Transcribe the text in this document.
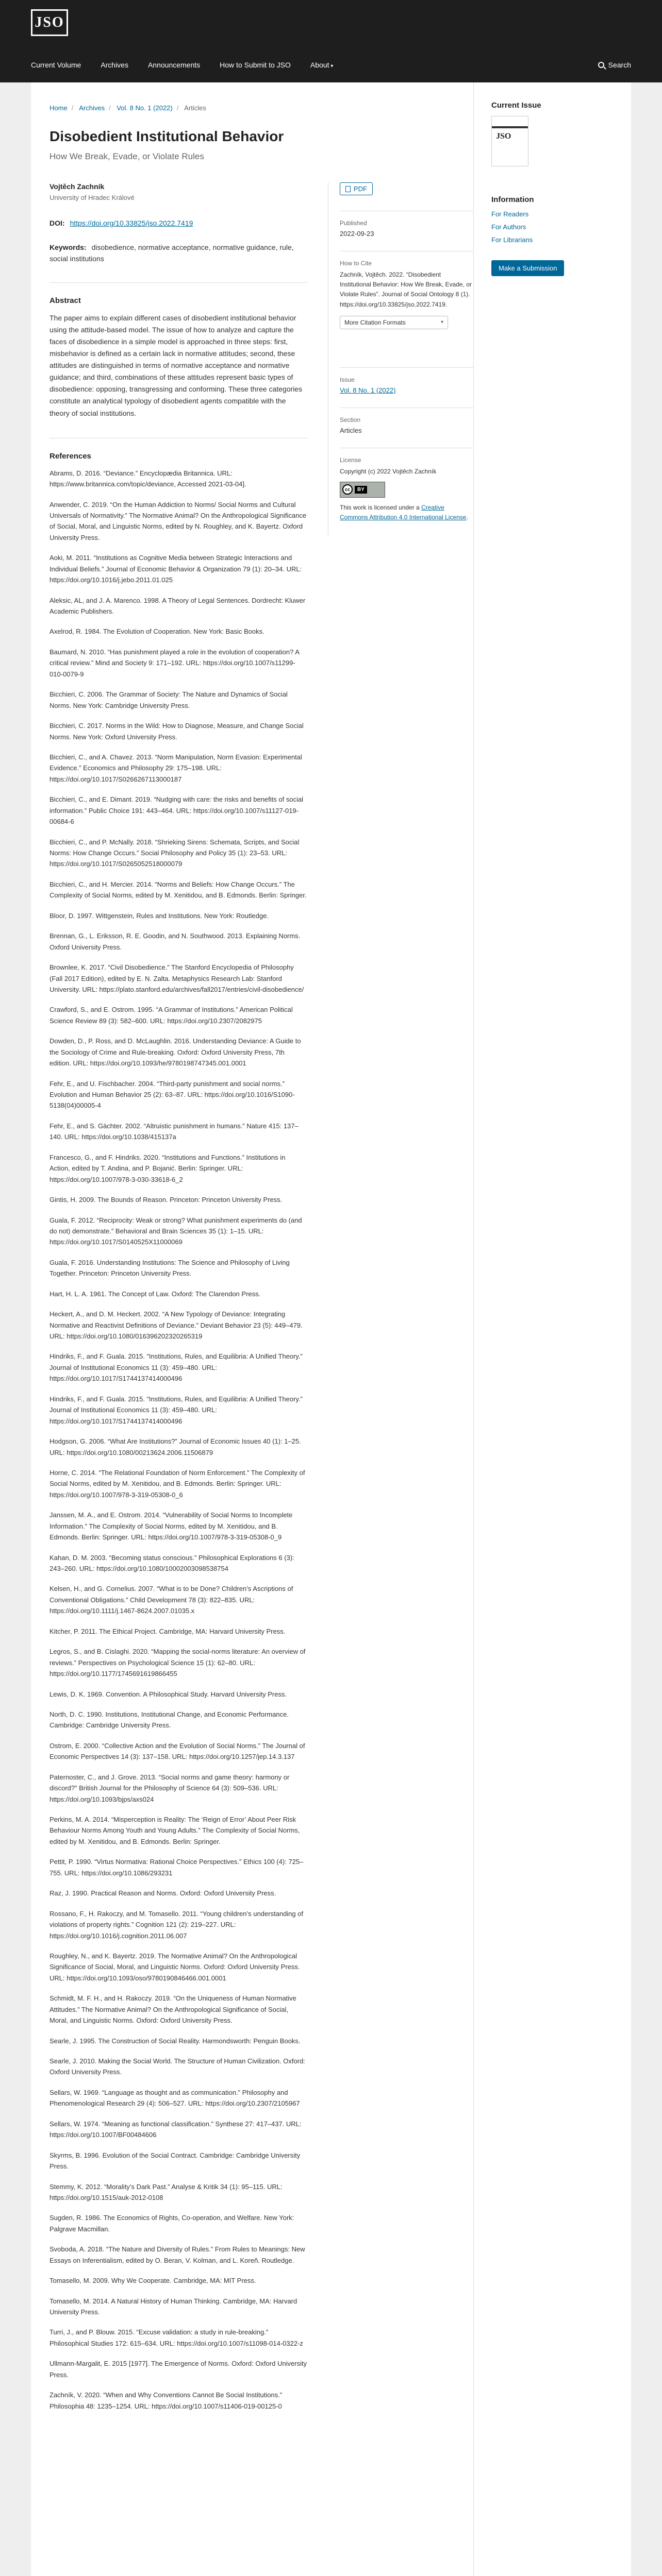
JSO
Current Volume	Archives	Announcements	How to Submit to JSO	About ▾	Search
Home / Archives / Vol. 8 No. 1 (2022) / Articles
Disobedient Institutional Behavior
How We Break, Evade, or Violate Rules
Vojtěch Zachník
University of Hradec Králové
DOI: https://doi.org/10.33825/jso.2022.7419
Keywords: disobedience, normative acceptance, normative guidance, rule, social institutions
Abstract

The paper aims to explain different cases of disobedient institutional behavior using the attitude-based model. The issue of how to analyze and capture the faces of disobedience in a simple model is approached in three steps: first, misbehavior is defined as a certain lack in normative attitudes; second, these attitudes are distinguished in terms of normative acceptance and normative guidance; and third, combinations of these attitudes represent basic types of disobedience: opposing, transgressing and conforming. These three categories constitute an analytical typology of disobedient agents compatible with the theory of social institutions.

References

Abrams, D. 2016. “Deviance.” Encyclopædia Britannica. URL: https://www.britannica.com/topic/deviance, Accessed 2021-03-04].

Anwender, C. 2019. “On the Human Addiction to Norms/ Social Norms and Cultural Universals of Normativity.” The Normative Animal? On the Anthropological Significance of Social, Moral, and Linguistic Norms, edited by N. Roughley, and K. Bayertz. Oxford University Press.

Aoki, M. 2011. “Institutions as Cognitive Media between Strategic Interactions and Individual Beliefs.” Journal of Economic Behavior & Organization 79 (1): 20–34. URL: https://doi.org/10.1016/j.jebo.2011.01.025

Aleksic, AL, and J. A. Marenco. 1998. A Theory of Legal Sentences. Dordrecht: Kluwer Academic Publishers.

Axelrod, R. 1984. The Evolution of Cooperation. New York: Basic Books.

Baumard, N. 2010. “Has punishment played a role in the evolution of cooperation? A critical review.” Mind and Society 9: 171–192. URL: https://doi.org/10.1007/s11299-010-0079-9

Bicchieri, C. 2006. The Grammar of Society: The Nature and Dynamics of Social Norms. New York: Cambridge University Press.

Bicchieri, C. 2017. Norms in the Wild: How to Diagnose, Measure, and Change Social Norms. New York: Oxford University Press.

Bicchieri, C., and A. Chavez. 2013. “Norm Manipulation, Norm Evasion: Experimental Evidence.” Economics and Philosophy 29: 175–198. URL: https://doi.org/10.1017/S0266267113000187

Bicchieri, C., and E. Dimant. 2019. “Nudging with care: the risks and benefits of social information.” Public Choice 191: 443–464. URL: https://doi.org/10.1007/s11127-019-00684-6

Bicchieri, C., and P. McNally. 2018. “Shrieking Sirens: Schemata, Scripts, and Social Norms: How Change Occurs.” Social Philosophy and Policy 35 (1): 23–53. URL: https://doi.org/10.1017/S0265052518000079

Bicchieri, C., and H. Mercier. 2014. “Norms and Beliefs: How Change Occurs.” The Complexity of Social Norms, edited by M. Xenitidou, and B. Edmonds. Berlin: Springer.

Bloor, D. 1997. Wittgenstein, Rules and Institutions. New York: Routledge.

Brennan, G., L. Eriksson, R. E. Goodin, and N. Southwood. 2013. Explaining Norms. Oxford University Press.

Brownlee, K. 2017. “Civil Disobedience.” The Stanford Encyclopedia of Philosophy (Fall 2017 Edition), edited by E. N. Zalta. Metaphysics Research Lab: Stanford University. URL: https://plato.stanford.edu/archives/fall2017/entries/civil-disobedience/

Crawford, S., and E. Ostrom. 1995. “A Grammar of Institutions.” American Political Science Review 89 (3): 582–600. URL: https://doi.org/10.2307/2082975

Dowden, D., P. Ross, and D. McLaughlin. 2016. Understanding Deviance: A Guide to the Sociology of Crime and Rule-breaking. Oxford: Oxford University Press, 7th edition. URL: https://doi.org/10.1093/he/9780198747345.001.0001

Fehr, E., and U. Fischbacher. 2004. “Third-party punishment and social norms.” Evolution and Human Behavior 25 (2): 63–87. URL: https://doi.org/10.1016/S1090-5138(04)00005-4

Fehr, E., and S. Gächter. 2002. “Altruistic punishment in humans.” Nature 415: 137–140. URL: https://doi.org/10.1038/415137a

Francesco, G., and F. Hindriks. 2020. “Institutions and Functions.” Institutions in Action, edited by T. Andina, and P. Bojanić. Berlin: Springer. URL: https://doi.org/10.1007/978-3-030-33618-6_2

Gintis, H. 2009. The Bounds of Reason. Princeton: Princeton University Press.

Guala, F. 2012. “Reciprocity: Weak or strong? What punishment experiments do (and do not) demonstrate.” Behavioral and Brain Sciences 35 (1): 1–15. URL: https://doi.org/10.1017/S0140525X11000069

Guala, F. 2016. Understanding Institutions: The Science and Philosophy of Living Together. Princeton: Princeton University Press.

Hart, H. L. A. 1961. The Concept of Law. Oxford: The Clarendon Press.

Heckert, A., and D. M. Heckert. 2002. “A New Typology of Deviance: Integrating Normative and Reactivist Definitions of Deviance.” Deviant Behavior 23 (5): 449–479. URL: https://doi.org/10.1080/016396202320265319

Hindriks, F., and F. Guala. 2015. “Institutions, Rules, and Equilibria: A Unified Theory.” Journal of Institutional Economics 11 (3): 459–480. URL: https://doi.org/10.1017/S1744137414000496

Hindriks, F., and F. Guala. 2015. “Institutions, Rules, and Equilibria: A Unified Theory.” Journal of Institutional Economics 11 (3): 459–480. URL: https://doi.org/10.1017/S1744137414000496

Hodgson, G. 2006. “What Are Institutions?” Journal of Economic Issues 40 (1): 1–25. URL: https://doi.org/10.1080/00213624.2006.11506879

Horne, C. 2014. “The Relational Foundation of Norm Enforcement.” The Complexity of Social Norms, edited by M. Xenitidou, and B. Edmonds. Berlin: Springer. URL: https://doi.org/10.1007/978-3-319-05308-0_6

Janssen, M. A., and E. Ostrom. 2014. “Vulnerability of Social Norms to Incomplete Information.” The Complexity of Social Norms, edited by M. Xenitidou, and B. Edmonds. Berlin: Springer. URL: https://doi.org/10.1007/978-3-319-05308-0_9

Kahan, D. M. 2003. “Becoming status conscious.” Philosophical Explorations 6 (3): 243–260. URL: https://doi.org/10.1080/10002003098538754

Kelsen, H., and G. Cornelius. 2007. “What is to be Done? Children’s Ascriptions of Conventional Obligations.” Child Development 78 (3): 822–835. URL: https://doi.org/10.1111/j.1467-8624.2007.01035.x

Kitcher, P. 2011. The Ethical Project. Cambridge, MA: Harvard University Press.

Legros, S., and B. Cislaghi. 2020. “Mapping the social-norms literature: An overview of reviews.” Perspectives on Psychological Science 15 (1): 62–80. URL: https://doi.org/10.1177/1745691619866455

Lewis, D. K. 1969. Convention. A Philosophical Study. Harvard University Press.

North, D. C. 1990. Institutions, Institutional Change, and Economic Performance. Cambridge: Cambridge University Press.

Ostrom, E. 2000. “Collective Action and the Evolution of Social Norms.” The Journal of Economic Perspectives 14 (3): 137–158. URL: https://doi.org/10.1257/jep.14.3.137

Paternoster, C., and J. Grove. 2013. “Social norms and game theory: harmony or discord?” British Journal for the Philosophy of Science 64 (3): 509–536. URL: https://doi.org/10.1093/bjps/axs024

Perkins, M. A. 2014. “Misperception is Reality: The ‘Reign of Error’ About Peer Risk Behaviour Norms Among Youth and Young Adults.” The Complexity of Social Norms, edited by M. Xenitidou, and B. Edmonds. Berlin: Springer.

Pettit, P. 1990. “Virtus Normativa: Rational Choice Perspectives.” Ethics 100 (4): 725–755. URL: https://doi.org/10.1086/293231

Raz, J. 1990. Practical Reason and Norms. Oxford: Oxford University Press.

Rossano, F., H. Rakoczy, and M. Tomasello. 2011. “Young children’s understanding of violations of property rights.” Cognition 121 (2): 219–227. URL: https://doi.org/10.1016/j.cognition.2011.06.007

Roughley, N., and K. Bayertz. 2019. The Normative Animal? On the Anthropological Significance of Social, Moral, and Linguistic Norms. Oxford: Oxford University Press. URL: https://doi.org/10.1093/oso/9780190846466.001.0001

Schmidt, M. F. H., and H. Rakoczy. 2019. “On the Uniqueness of Human Normative Attitudes.” The Normative Animal? On the Anthropological Significance of Social, Moral, and Linguistic Norms. Oxford: Oxford University Press.

Searle, J. 1995. The Construction of Social Reality. Harmondsworth: Penguin Books.

Searle, J. 2010. Making the Social World. The Structure of Human Civilization. Oxford: Oxford University Press.

Sellars, W. 1969. “Language as thought and as communication.” Philosophy and Phenomenological Research 29 (4): 506–527. URL: https://doi.org/10.2307/2105967

Sellars, W. 1974. “Meaning as functional classification.” Synthese 27: 417–437. URL: https://doi.org/10.1007/BF00484606

Skyrms, B. 1996. Evolution of the Social Contract. Cambridge: Cambridge University Press.

Stemmy, K. 2012. “Morality’s Dark Past.” Analyse & Kritik 34 (1): 95–115. URL: https://doi.org/10.1515/auk-2012-0108

Sugden, R. 1986. The Economics of Rights, Co-operation, and Welfare. New York: Palgrave Macmillan.

Svoboda, A. 2018. “The Nature and Diversity of Rules.” From Rules to Meanings: New Essays on Inferentialism, edited by O. Beran, V. Kolman, and L. Koreň. Routledge.

Tomasello, M. 2009. Why We Cooperate. Cambridge, MA: MIT Press.

Tomasello, M. 2014. A Natural History of Human Thinking. Cambridge, MA: Harvard University Press.

Turri, J., and P. Blouw. 2015. “Excuse validation: a study in rule-breaking.” Philosophical Studies 172: 615–634. URL: https://doi.org/10.1007/s11098-014-0322-z

Ullmann-Margalit, E. 2015 [1977]. The Emergence of Norms. Oxford: Oxford University Press.

Zachník, V. 2020. “When and Why Conventions Cannot Be Social Institutions.” Philosophia 48: 1235–1254. URL: https://doi.org/10.1007/s11406-019-00125-0

PDF
Published
2022-09-23
How to Cite
Zachník, Vojtěch. 2022. “Disobedient Institutional Behavior: How We Break, Evade, or Violate Rules”. Journal of Social Ontology 8 (1). https://doi.org/10.33825/jso.2022.7419.
More Citation Formats
▾
Issue
Vol. 8 No. 1 (2022)
Section
Articles
License
Copyright (c) 2022 Vojtěch Zachník
cc	BY
This work is licensed under a Creative Commons Attribution 4.0 International License.
Current Issue
JSO
Information
For Readers
For Authors
For Librarians
Make a Submission
